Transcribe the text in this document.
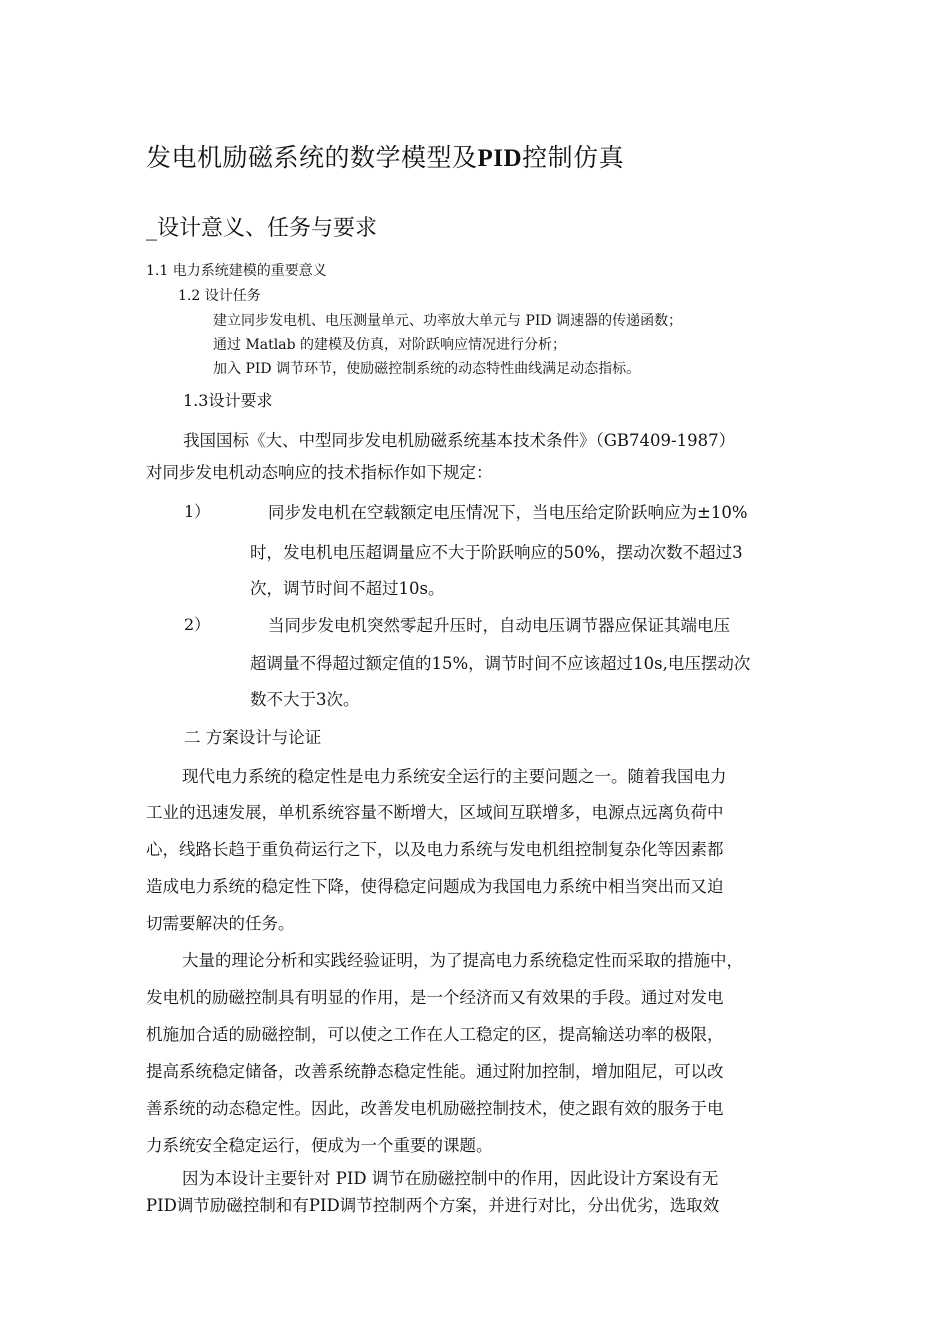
发电机励磁系统的数学模型及PID控制仿真
_设计意义、任务与要求
1.1 电力系统建模的重要意义
1.2 设计任务
建立同步发电机、电压测量单元、功率放大单元与 PID 调速器的传递函数；
通过 Matlab 的建模及仿真，对阶跃响应情况进行分析；
加入 PID 调节环节，使励磁控制系统的动态特性曲线满足动态指标。
1.3设计要求
我国国标《大、中型同步发电机励磁系统基本技术条件》（GB7409-1987）
对同步发电机动态响应的技术指标作如下规定：
1）	同步发电机在空载额定电压情况下，当电压给定阶跃响应为±10%
时，发电机电压超调量应不大于阶跃响应的50%，摆动次数不超过3
次，调节时间不超过10s。
2）	当同步发电机突然零起升压时，自动电压调节器应保证其端电压
超调量不得超过额定值的15%，调节时间不应该超过10s,电压摆动次
数不大于3次。
二 方案设计与论证
现代电力系统的稳定性是电力系统安全运行的主要问题之一。随着我国电力
工业的迅速发展，单机系统容量不断增大，区域间互联增多，电源点远离负荷中
心，线路长趋于重负荷运行之下，以及电力系统与发电机组控制复杂化等因素都
造成电力系统的稳定性下降，使得稳定问题成为我国电力系统中相当突出而又迫
切需要解决的任务。
大量的理论分析和实践经验证明，为了提高电力系统稳定性而采取的措施中，
发电机的励磁控制具有明显的作用，是一个经济而又有效果的手段。通过对发电
机施加合适的励磁控制，可以使之工作在人工稳定的区，提高输送功率的极限，
提高系统稳定储备，改善系统静态稳定性能。通过附加控制，增加阻尼，可以改
善系统的动态稳定性。因此，改善发电机励磁控制技术，使之跟有效的服务于电
力系统安全稳定运行，便成为一个重要的课题。
因为本设计主要针对 PID 调节在励磁控制中的作用，因此设计方案设有无
PID调节励磁控制和有PID调节控制两个方案，并进行对比，分出优劣，选取效
